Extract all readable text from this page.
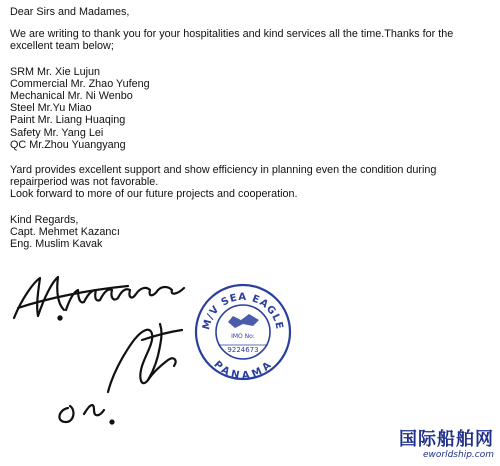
Dear Sirs and Madames,

We are writing to thank you for your hospitalities and kind services all the time.Thanks for the

excellent team below;

SRM Mr. Xie Lujun
Commercial Mr. Zhao Yufeng
Mechanical Mr. Ni Wenbo
Steel Mr.Yu Miao
Paint Mr. Liang Huaqing
Safety Mr. Yang Lei
QC Mr.Zhou Yuangyang

Yard provides excellent support and show efficiency in planning even the condition during

repairperiod was not favorable.

Look forward to more of our future projects and cooperation.

Kind Regards,
Capt. Mehmet Kazancı
Eng. Muslim Kavak
M/V SEA EAGLE
PANAMA
IMO No:
9224673
国际船舶网
eworldship.com
